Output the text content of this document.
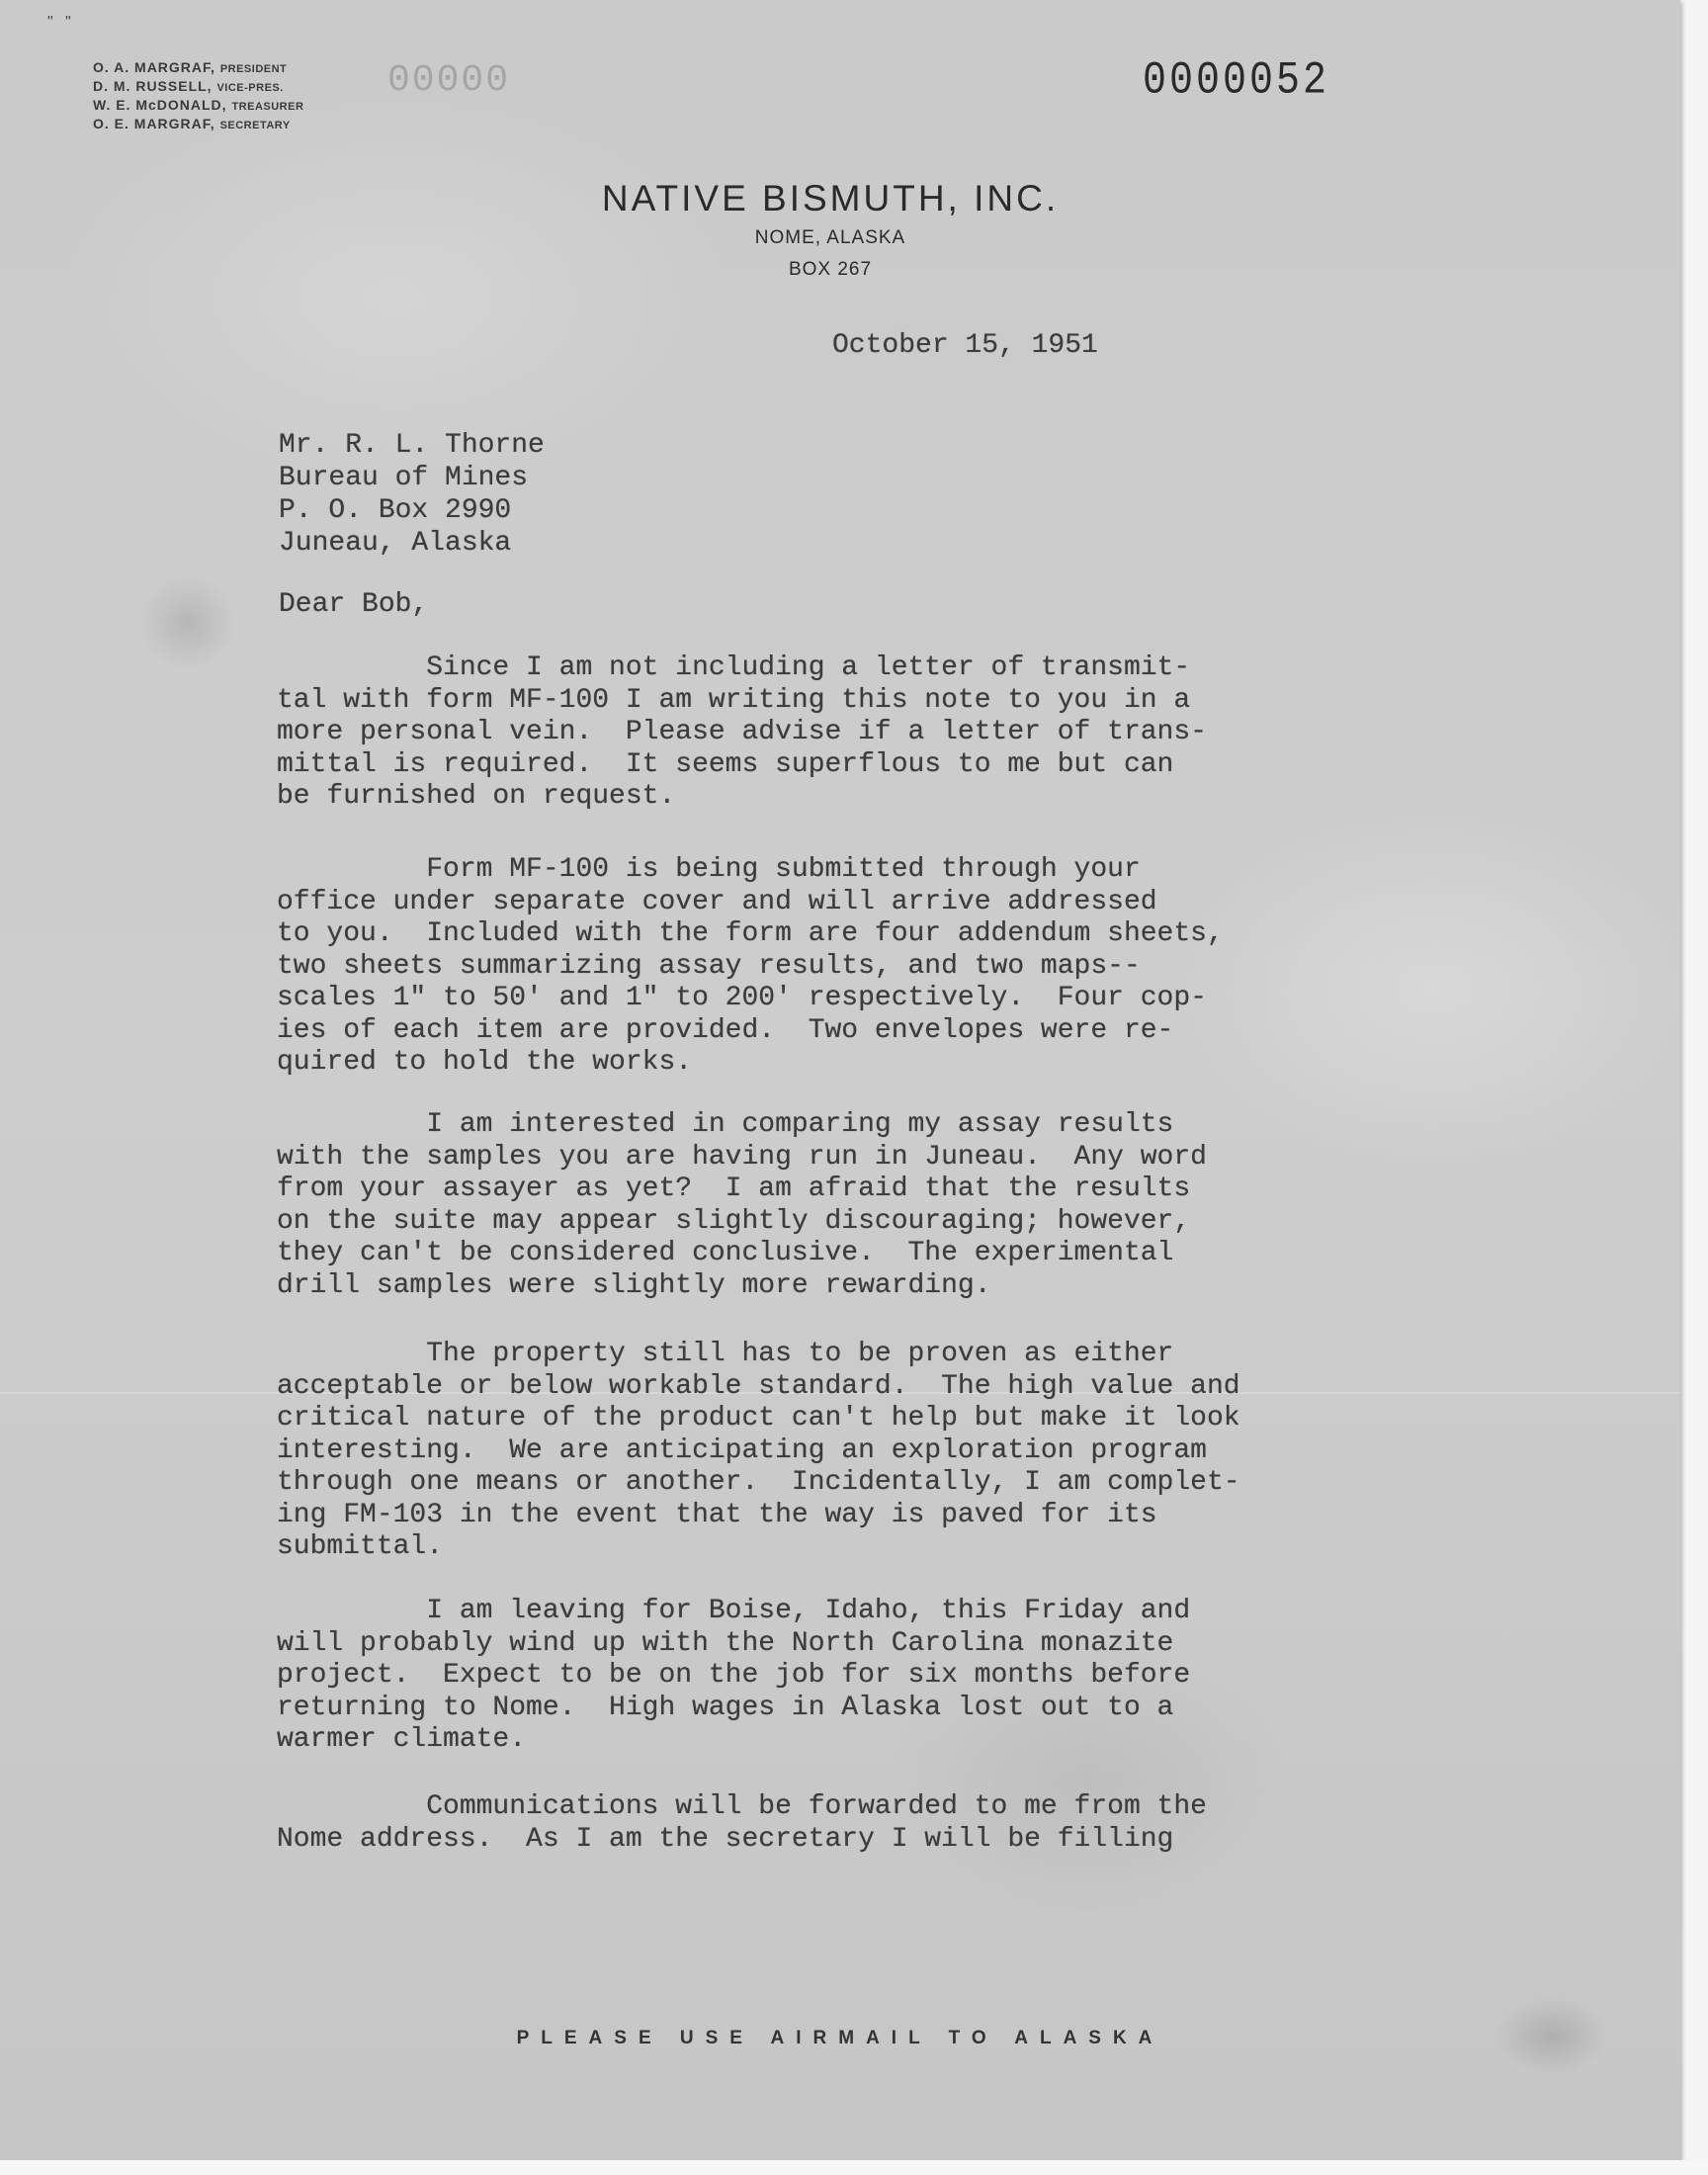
" "
O. A. MARGRAF, PRESIDENT
D. M. RUSSELL, VICE-PRES.
W. E. McDONALD, TREASURER
O. E. MARGRAF, SECRETARY
00000	0000052
NATIVE BISMUTH, INC.
NOME, ALASKA
BOX 267
October 15, 1951
Mr. R. L. Thorne
Bureau of Mines
P. O. Box 2990
Juneau, Alaska
Dear Bob,
Since I am not including a letter of transmit-
tal with form MF-100 I am writing this note to you in a
more personal vein.  Please advise if a letter of trans-
mittal is required.  It seems superflous to me but can
be furnished on request.
Form MF-100 is being submitted through your
office under separate cover and will arrive addressed
to you.  Included with the form are four addendum sheets,
two sheets summarizing assay results, and two maps--
scales 1" to 50' and 1" to 200' respectively.  Four cop-
ies of each item are provided.  Two envelopes were re-
quired to hold the works.
I am interested in comparing my assay results
with the samples you are having run in Juneau.  Any word
from your assayer as yet?  I am afraid that the results
on the suite may appear slightly discouraging; however,
they can't be considered conclusive.  The experimental
drill samples were slightly more rewarding.
The property still has to be proven as either
acceptable or below workable standard.  The high value and
critical nature of the product can't help but make it look
interesting.  We are anticipating an exploration program
through one means or another.  Incidentally, I am complet-
ing FM-103 in the event that the way is paved for its
submittal.
I am leaving for Boise, Idaho, this Friday and
will probably wind up with the North Carolina monazite
project.  Expect to be on the job for six months before
returning to Nome.  High wages in Alaska lost out to a
warmer climate.
Communications will be forwarded to me from the
Nome address.  As I am the secretary I will be filling
PLEASE USE AIRMAIL TO ALASKA
